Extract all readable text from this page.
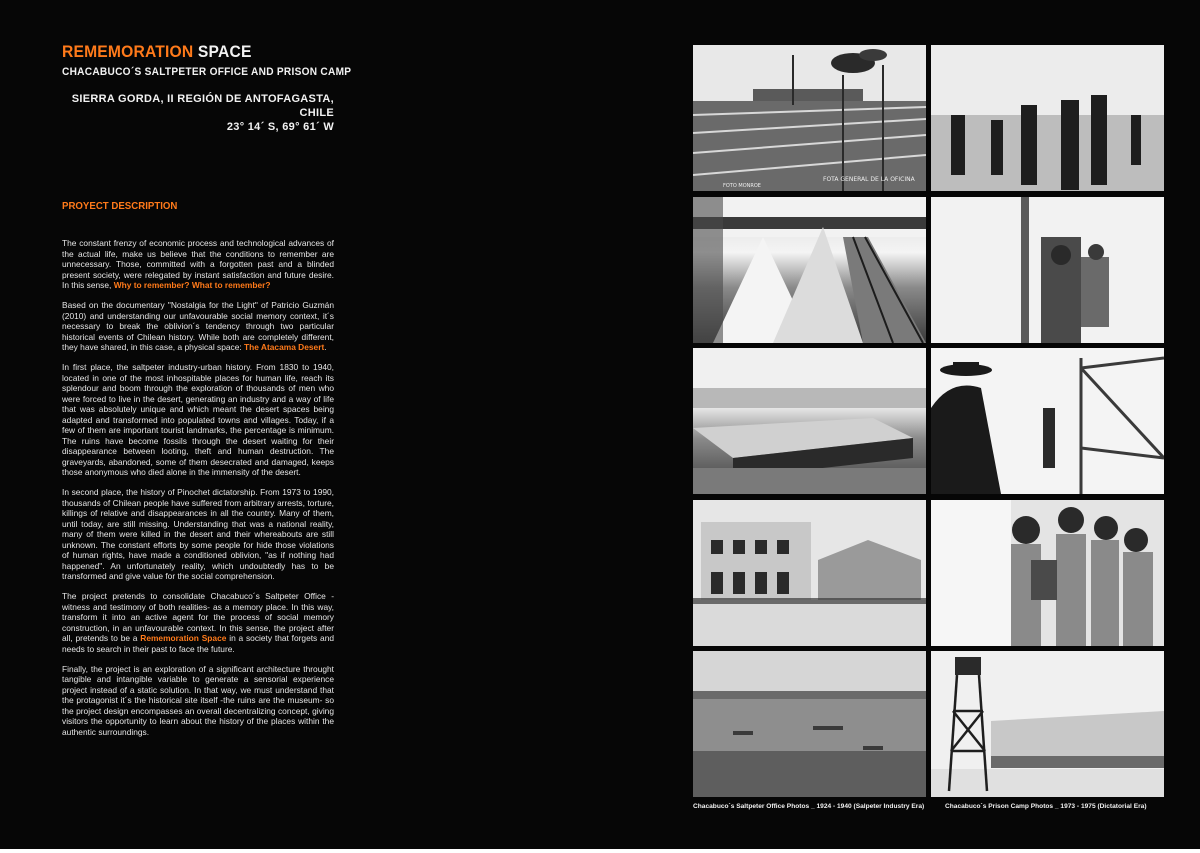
REMEMORATION SPACE
CHACABUCO´S SALTPETER OFFICE AND PRISON CAMP
SIERRA GORDA, II REGIÓN DE ANTOFAGASTA, CHILE
23° 14´ S, 69° 61´ W
PROYECT DESCRIPTION

The constant frenzy of economic process and technological advances of the actual life, make us believe that the conditions to remember are unnecessary. Those, committed with a forgotten past and a blinded present society, were relegated by instant satisfaction and future desire. In this sense, Why to remember? What to remember?

Based on the documentary "Nostalgia for the Light" of Patricio Guzmán (2010) and understanding our unfavourable social memory context, it´s necessary to break the oblivion´s tendency through two particular historical events of Chilean history. While both are completely different, they have shared, in this case, a physical space: The Atacama Desert.

In first place, the saltpeter industry-urban history. From 1830 to 1940, located in one of the most inhospitable places for human life, reach its splendour and boom through the exploration of thousands of men who were forced to live in the desert, generating an industry and a way of life that was absolutely unique and which meant the desert spaces being adapted and transformed into populated towns and villages. Today, if a few of them are important tourist landmarks, the percentage is minimum. The ruins have become fossils through the desert waiting for their disappearance between looting, theft and human destruction. The graveyards, abandoned, some of them desecrated and damaged, keeps those anonymous who died alone in the immensity of the desert.

In second place, the history of Pinochet dictatorship. From 1973 to 1990, thousands of Chilean people have suffered from arbitrary arrests, torture, killings of relative and disappearances in all the country. Many of them, until today, are still missing. Understanding that was a national reality, many of them were killed in the desert and their whereabouts are still unknown. The constant efforts by some people for hide those violations of human rights, have made a conditioned oblivion, "as if nothing had happened". An unfortunately reality, which undoubtedly has to be transformed and give value for the social comprehension.

The project pretends to consolidate Chacabuco´s Saltpeter Office -witness and testimony of both realities- as a memory place. In this way, transform it into an active agent for the process of social memory construction, in an unfavourable context. In this sense, the project after all, pretends to be a Rememoration Space in a society that forgets and needs to search in their past to face the future.

Finally, the project is an exploration of a significant architecture throught tangible and intangible variable to generate a sensorial experience project instead of a static solution. In that way, we must understand that the protagonist it´s the historical site itself -the ruins are the museum- so the project design encompasses an overall decentralizing concept, giving visitors the opportunity to learn about the history of the places within the authentic surroundings.

FOTA GENERAL DE LA OFICINA
FOTO MONROE
Chacabuco´s Saltpeter Office Photos _ 1924 - 1940 (Salpeter Industry Era)	Chacabuco´s Prison Camp Photos _ 1973 - 1975 (Dictatorial Era)
